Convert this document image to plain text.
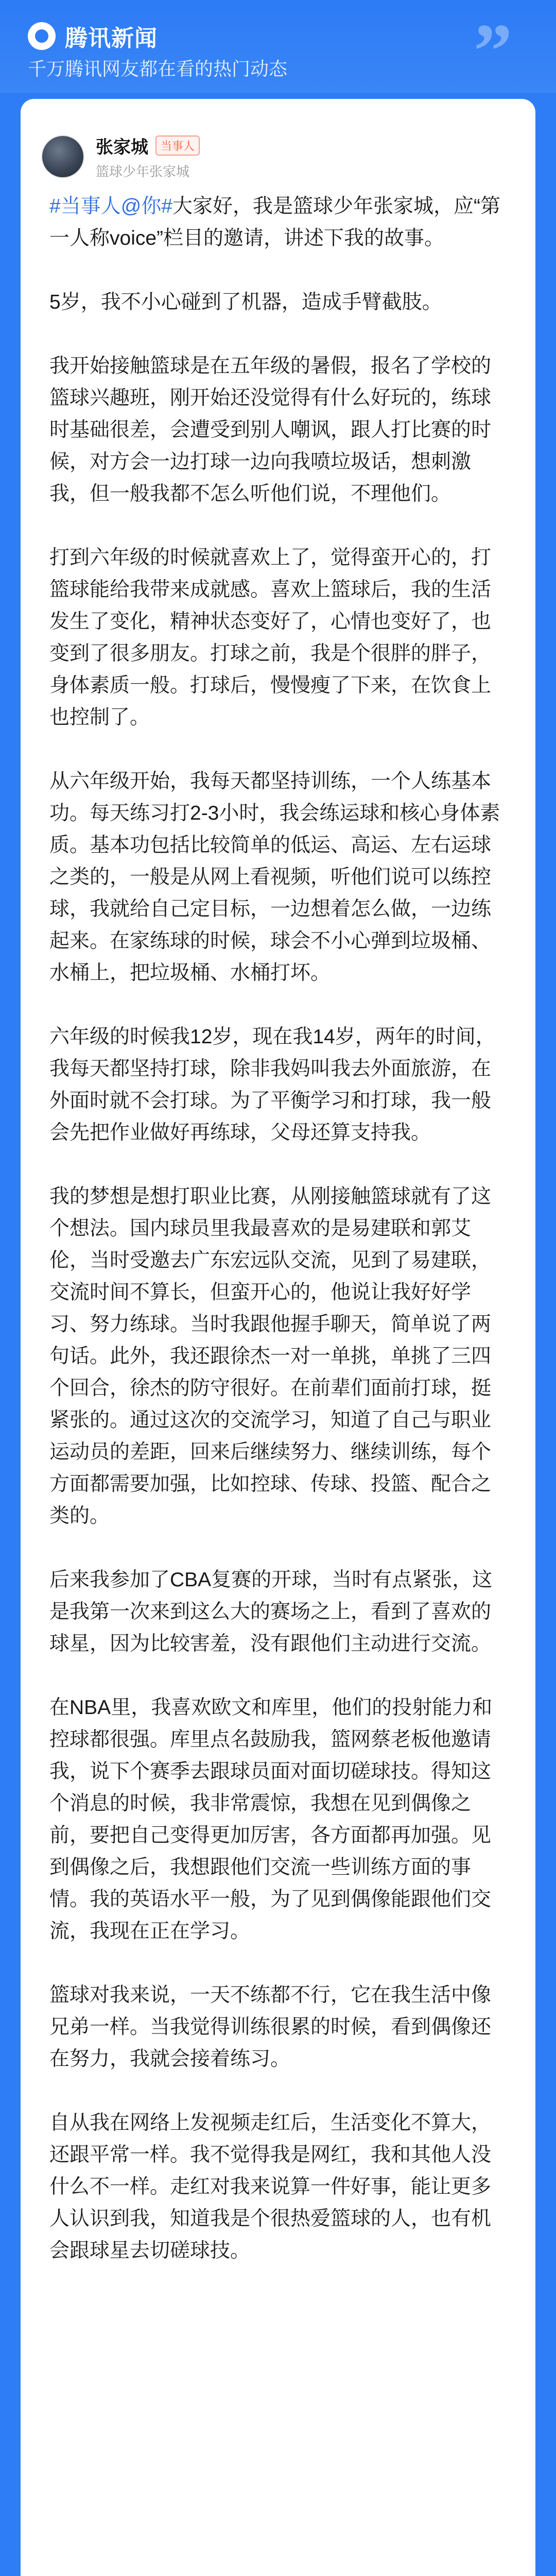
腾讯新闻
千万腾讯网友都在看的热门动态 ”
张家城	当事人
篮球少年张家城

#当事人@你#大家好，我是篮球少年张家城，应“第一人称voice”栏目的邀请，讲述下我的故事。

5岁，我不小心碰到了机器，造成手臂截肢。

我开始接触篮球是在五年级的暑假，报名了学校的篮球兴趣班，刚开始还没觉得有什么好玩的，练球时基础很差，会遭受到别人嘲讽，跟人打比赛的时候，对方会一边打球一边向我喷垃圾话，想刺激我，但一般我都不怎么听他们说，不理他们。

打到六年级的时候就喜欢上了，觉得蛮开心的，打篮球能给我带来成就感。喜欢上篮球后，我的生活发生了变化，精神状态变好了，心情也变好了，也变到了很多朋友。打球之前，我是个很胖的胖子，身体素质一般。打球后，慢慢瘦了下来，在饮食上也控制了。

从六年级开始，我每天都坚持训练，一个人练基本功。每天练习打2-3小时，我会练运球和核心身体素质。基本功包括比较简单的低运、高运、左右运球之类的，一般是从网上看视频，听他们说可以练控球，我就给自己定目标，一边想着怎么做，一边练起来。在家练球的时候，球会不小心弹到垃圾桶、水桶上，把垃圾桶、水桶打坏。

六年级的时候我12岁，现在我14岁，两年的时间，我每天都坚持打球，除非我妈叫我去外面旅游，在外面时就不会打球。为了平衡学习和打球，我一般会先把作业做好再练球，父母还算支持我。

我的梦想是想打职业比赛，从刚接触篮球就有了这个想法。国内球员里我最喜欢的是易建联和郭艾伦，当时受邀去广东宏远队交流，见到了易建联，交流时间不算长，但蛮开心的，他说让我好好学习、努力练球。当时我跟他握手聊天，简单说了两句话。此外，我还跟徐杰一对一单挑，单挑了三四个回合，徐杰的防守很好。在前辈们面前打球，挺紧张的。通过这次的交流学习，知道了自己与职业运动员的差距，回来后继续努力、继续训练，每个方面都需要加强，比如控球、传球、投篮、配合之类的。

后来我参加了CBA复赛的开球，当时有点紧张，这是我第一次来到这么大的赛场之上，看到了喜欢的球星，因为比较害羞，没有跟他们主动进行交流。

在NBA里，我喜欢欧文和库里，他们的投射能力和控球都很强。库里点名鼓励我，篮网蔡老板他邀请我，说下个赛季去跟球员面对面切磋球技。得知这个消息的时候，我非常震惊，我想在见到偶像之前，要把自己变得更加厉害，各方面都再加强。见到偶像之后，我想跟他们交流一些训练方面的事情。我的英语水平一般，为了见到偶像能跟他们交流，我现在正在学习。

篮球对我来说，一天不练都不行，它在我生活中像兄弟一样。当我觉得训练很累的时候，看到偶像还在努力，我就会接着练习。

自从我在网络上发视频走红后，生活变化不算大，还跟平常一样。我不觉得我是网红，我和其他人没什么不一样。走红对我来说算一件好事，能让更多人认识到我，知道我是个很热爱篮球的人，也有机会跟球星去切磋球技。
